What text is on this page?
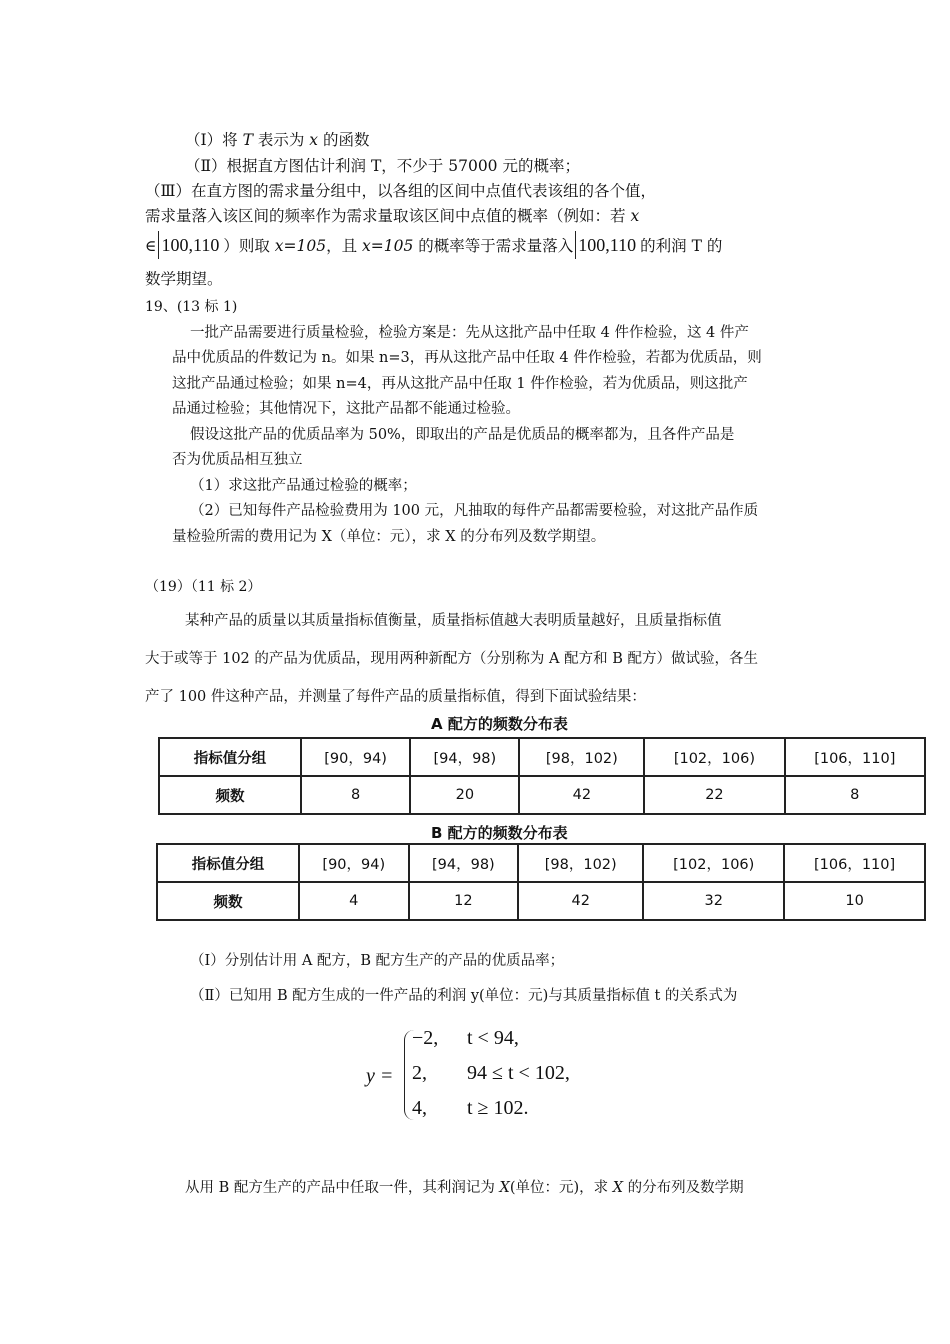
（Ⅰ）将 T 表示为 x 的函数
（Ⅱ）根据直方图估计利润 T，不少于 57000 元的概率；
（Ⅲ）在直方图的需求量分组中，以各组的区间中点值代表该组的各个值，
需求量落入该区间的频率作为需求量取该区间中点值的概率（例如：若 x
∈ 100,110 ）则取 x=105，且 x=105 的概率等于需求量落入 100,110 的利润 T 的
数学期望。
19、(13 标 1)
一批产品需要进行质量检验，检验方案是：先从这批产品中任取 4 件作检验，这 4 件产
品中优质品的件数记为 n。如果 n=3，再从这批产品中任取 4 件作检验，若都为优质品，则
这批产品通过检验；如果 n=4，再从这批产品中任取 1 件作检验，若为优质品，则这批产
品通过检验；其他情况下，这批产品都不能通过检验。
假设这批产品的优质品率为 50%，即取出的产品是优质品的概率都为，且各件产品是
否为优质品相互独立
（1）求这批产品通过检验的概率；
（2）已知每件产品检验费用为 100 元，凡抽取的每件产品都需要检验，对这批产品作质
量检验所需的费用记为 X（单位：元），求 X 的分布列及数学期望。
（19）（11 标 2）
某种产品的质量以其质量指标值衡量，质量指标值越大表明质量越好，且质量指标值
大于或等于 102 的产品为优质品，现用两种新配方（分别称为 A 配方和 B 配方）做试验，各生
产了 100 件这种产品，并测量了每件产品的质量指标值，得到下面试验结果：
A 配方的频数分布表
指标值分组	[90，94)	[94，98)	[98，102)	[102，106)	[106，110]
频数	8	20	42	22	8
B 配方的频数分布表
指标值分组	[90，94)	[94，98)	[98，102)	[102，106)	[106，110]
频数	4	12	42	32	10
（Ⅰ）分别估计用 A 配方，B 配方生产的产品的优质品率；
（Ⅱ）已知用 B 配方生成的一件产品的利润 y(单位：元)与其质量指标值 t 的关系式为
y =
−2, t < 94,
2, 94 ≤ t < 102,
4, t ≥ 102.
从用 B 配方生产的产品中任取一件，其利润记为 X(单位：元)，求 X 的分布列及数学期
